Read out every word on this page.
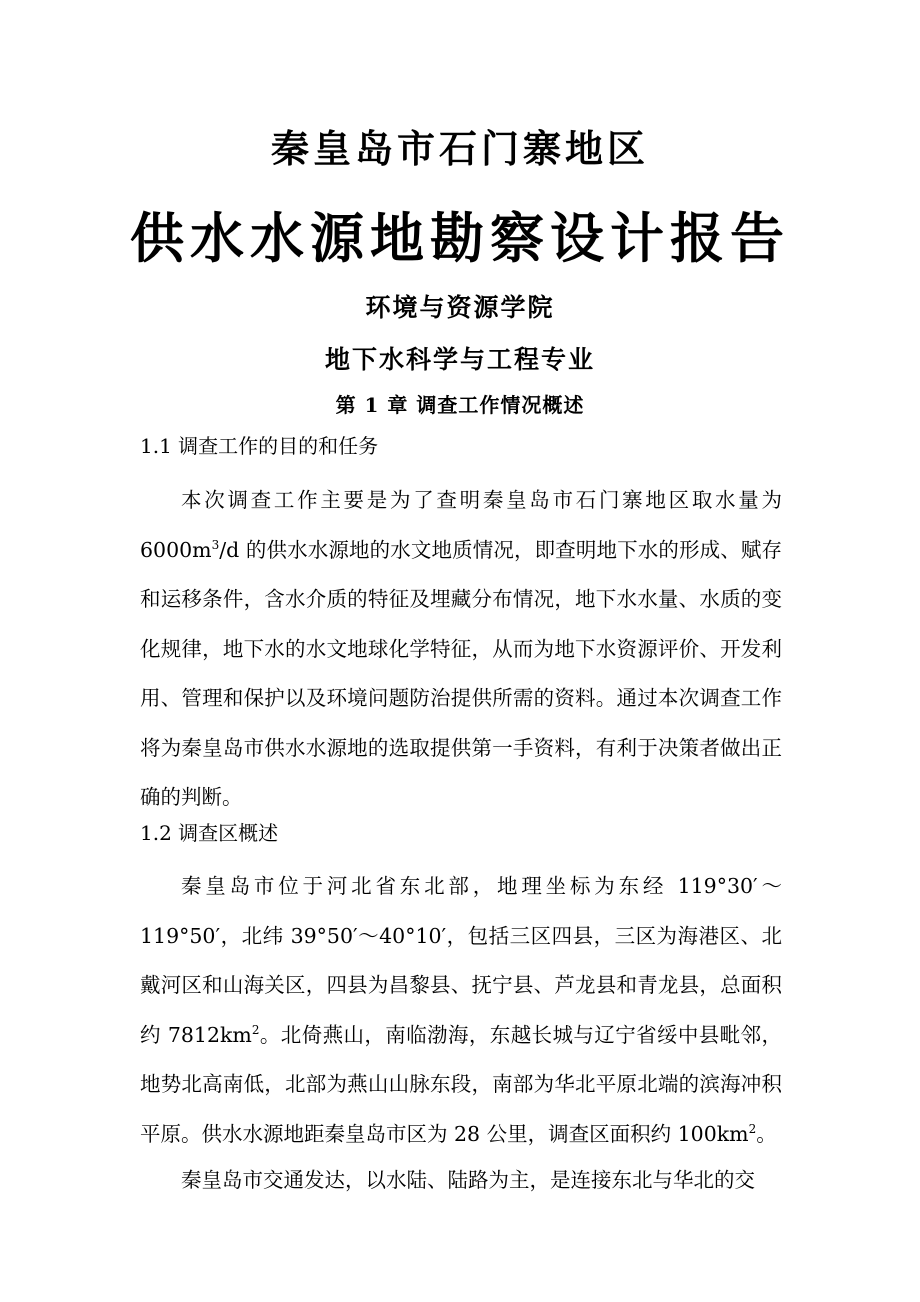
秦皇岛市石门寨地区
供水水源地勘察设计报告
环境与资源学院
地下水科学与工程专业
第 1 章 调查工作情况概述
1.1 调查工作的目的和任务
本次调查工作主要是为了查明秦皇岛市石门寨地区取水量为 $6000m^3/d$ 的供水水源地的水文地质情况，即查明地下水的形成、赋存和运移条件，含水介质的特征及埋藏分布情况，地下水水量、水质的变化规律，地下水的水文地球化学特征，从而为地下水资源评价、开发利用、管理和保护以及环境问题防治提供所需的资料。通过本次调查工作将为秦皇岛市供水水源地的选取提供第一手资料，有利于决策者做出正确的判断。
1.2 调查区概述
秦皇岛市位于河北省东北部，地理坐标为东经 119°30′～119°50′，北纬 39°50′～40°10′，包括三区四县，三区为海港区、北戴河区和山海关区，四县为昌黎县、抚宁县、芦龙县和青龙县，总面积约 $7812km^2$。北倚燕山，南临渤海，东越长城与辽宁省绥中县毗邻，地势北高南低，北部为燕山山脉东段，南部为华北平原北端的滨海冲积平原。供水水源地距秦皇岛市区为 28 公里，调查区面积约 $100km^2$。
秦皇岛市交通发达，以水陆、陆路为主，是连接东北与华北的交
